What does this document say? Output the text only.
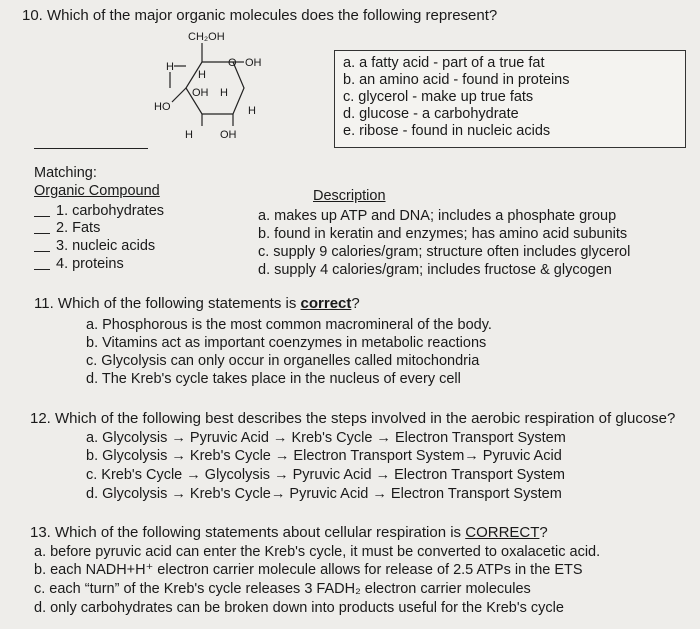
10. Which of the major organic molecules does the following represent?
CH₂OH
O OH
H
H
OH H
H
HO
H OH
a. a fatty acid - part of a true fat
b. an amino acid - found in proteins
c. glycerol - make up true fats
d. glucose - a carbohydrate
e. ribose - found in nucleic acids
Matching:
Organic Compound	Description
1. carbohydrates
2. Fats
3. nucleic acids
4. proteins
a. makes up ATP and DNA; includes a phosphate group
b. found in keratin and enzymes; has amino acid subunits
c. supply 9 calories/gram; structure often includes glycerol
d. supply 4 calories/gram; includes fructose & glycogen
11. Which of the following statements is correct?
a. Phosphorous is the most common macromineral of the body.
b. Vitamins act as important coenzymes in metabolic reactions
c. Glycolysis can only occur in organelles called mitochondria
d. The Kreb's cycle takes place in the nucleus of every cell
12. Which of the following best describes the steps involved in the aerobic respiration of glucose?
a. Glycolysis → Pyruvic Acid → Kreb's Cycle → Electron Transport System
b. Glycolysis → Kreb's Cycle → Electron Transport System→ Pyruvic Acid
c. Kreb's Cycle → Glycolysis → Pyruvic Acid → Electron Transport System
d. Glycolysis → Kreb's Cycle→ Pyruvic Acid → Electron Transport System
13. Which of the following statements about cellular respiration is CORRECT?
a. before pyruvic acid can enter the Kreb's cycle, it must be converted to oxalacetic acid.
b. each NADH+H⁺ electron carrier molecule allows for release of 2.5 ATPs in the ETS
c. each “turn” of the Kreb's cycle releases 3 FADH₂ electron carrier molecules
d. only carbohydrates can be broken down into products useful for the Kreb's cycle
